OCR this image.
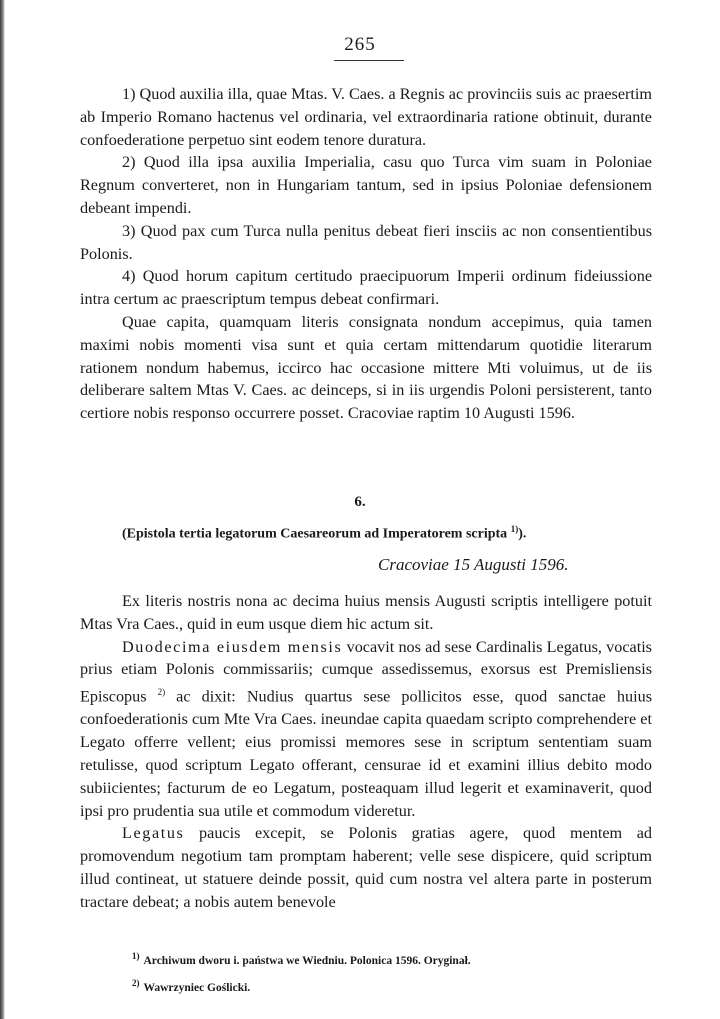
265

1) Quod auxilia illa, quae Mtas. V. Caes. a Regnis ac provinciis suis ac praesertim ab Imperio Romano hactenus vel ordinaria, vel extraordinaria ratione obtinuit, durante confoederatione perpetuo sint eodem tenore duratura.

2) Quod illa ipsa auxilia Imperialia, casu quo Turca vim suam in Poloniae Regnum converteret, non in Hungariam tantum, sed in ipsius Poloniae defensionem debeant impendi.

3) Quod pax cum Turca nulla penitus debeat fieri insciis ac non consentientibus Polonis.

4) Quod horum capitum certitudo praecipuorum Imperii ordinum fideiussione intra certum ac praescriptum tempus debeat confirmari.

Quae capita, quamquam literis consignata nondum accepimus, quia tamen maximi nobis momenti visa sunt et quia certam mittendarum quotidie literarum rationem nondum habemus, iccirco hac occasione mittere Mti voluimus, ut de iis deliberare saltem Mtas V. Caes. ac deinceps, si in iis urgendis Poloni persisterent, tanto certiore nobis responso occurrere posset. Cracoviae raptim 10 Augusti 1596.

6.
(Epistola tertia legatorum Caesareorum ad Imperatorem scripta $^{1)}$).
Cracoviae 15 Augusti 1596.

Ex literis nostris nona ac decima huius mensis Augusti scriptis intelligere potuit Mtas Vra Caes., quid in eum usque diem hic actum sit.

Duodecima eiusdem mensis vocavit nos ad sese Cardinalis Legatus, vocatis prius etiam Polonis commissariis; cumque assedissemus, exorsus est Premisliensis Episcopus $^{2)}$ ac dixit: Nudius quartus sese pollicitos esse, quod sanctae huius confoederationis cum Mte Vra Caes. ineundae capita quaedam scripto comprehendere et Legato offerre vellent; eius promissi memores sese in scriptum sententiam suam retulisse, quod scriptum Legato offerant, censurae id et examini illius debito modo subiicientes; facturum de eo Legatum, posteaquam illud legerit et examinaverit, quod ipsi pro prudentia sua utile et commodum videretur.

Legatus paucis excepit, se Polonis gratias agere, quod mentem ad promovendum negotium tam promptam haberent; velle sese dispicere, quid scriptum illud contineat, ut statuere deinde possit, quid cum nostra vel altera parte in posterum tractare debeat; a nobis autem benevole

$^{1)}$ Archiwum dworu i. państwa we Wiedniu. Polonica 1596. Oryginał.
$^{2)}$ Wawrzyniec Goślicki.
